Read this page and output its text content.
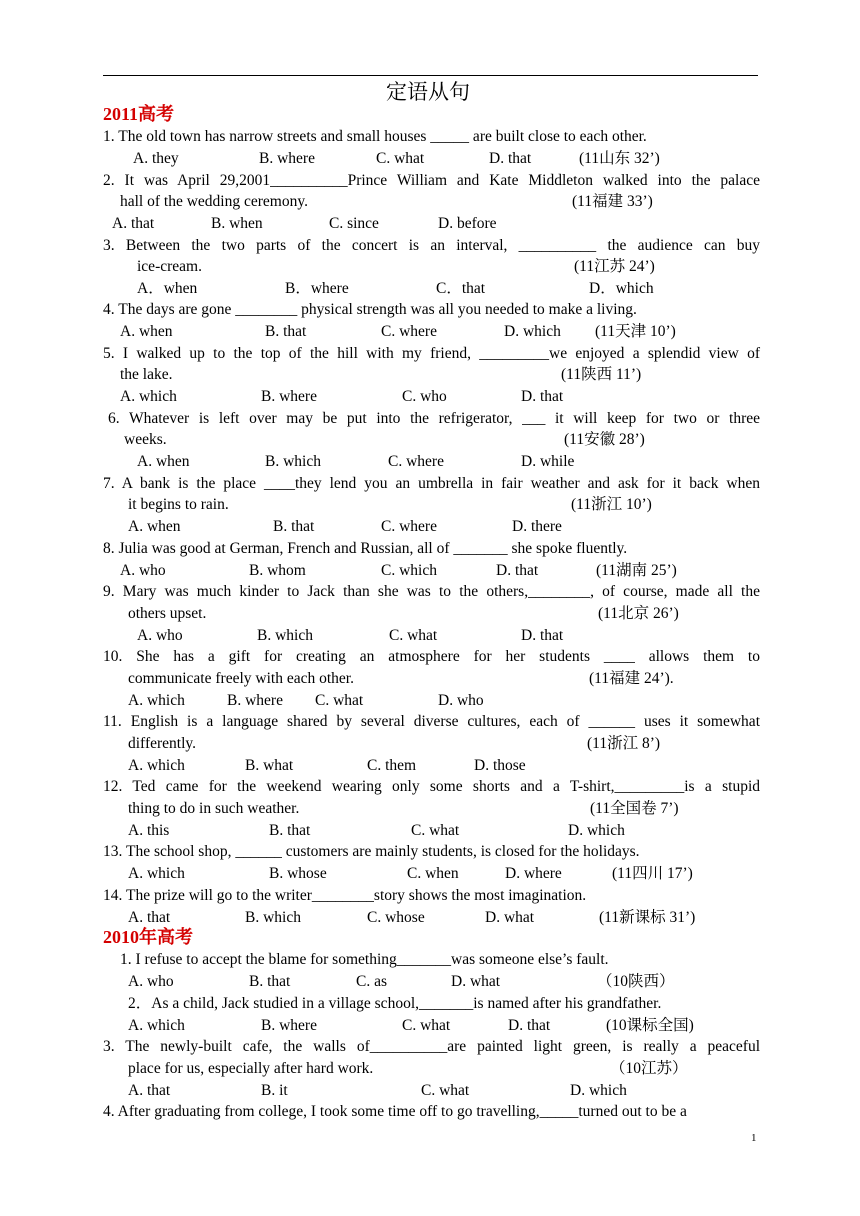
定语从句
1
2011高考
1. The old town has narrow streets and small houses _____ are built close to each other.
A. they	B. where	C. what	D. that	(11山东 32’)
2. It was April 29,2001__________Prince William and Kate Middleton walked into the palace
hall of the wedding ceremony.	(11福建 33’)
A. that	B. when	C. since	D. before
3. Between the two parts of the concert is an interval, __________ the audience can buy
ice-cream.	(11江苏 24’)
A．when	B．where	C．that	D．which
4. The days are gone ________ physical strength was all you needed to make a living.
A. when	B. that	C. where	D. which (11天津 10’)
5. I walked up to the top of the hill with my friend, _________we enjoyed a splendid view of
the lake.	(11陕西 11’)
A. which	B. where	C. who	D. that
6. Whatever is left over may be put into the refrigerator, ___ it will keep for two or three
weeks.	(11安徽 28’)
A. when	B. which	C. where	D. while
7. A bank is the place ____they lend you an umbrella in fair weather and ask for it back when
it begins to rain.	(11浙江 10’)
A. when	B. that	C. where	D. there
8. Julia was good at German, French and Russian, all of _______ she spoke fluently.
A. who	B. whom	C. which	D. that	(11湖南 25’)
9. Mary was much kinder to Jack than she was to the others,________, of course, made all the
others upset.	(11北京 26’)
A. who	B. which	C. what	D. that
10. She has a gift for creating an atmosphere for her students ____ allows them to
communicate freely with each other.	(11福建 24’).
A. which	B. where C. what	D. who
11. English is a language shared by several diverse cultures, each of ______ uses it somewhat
differently.	(11浙江 8’)
A. which	B. what	C. them	D. those
12. Ted came for the weekend wearing only some shorts and a T-shirt,_________is a stupid
thing to do in such weather.	(11全国卷 7’)
A. this	B. that	C. what	D. which
13. The school shop, ______ customers are mainly students, is closed for the holidays.
A. which	B. whose	C. when	D. where	(11四川 17’)
14. The prize will go to the writer________story shows the most imagination.
A. that	B. which	C. whose	D. what	(11新课标 31’)
2010年高考
1. I refuse to accept the blame for something_______was someone else’s fault.
A. who	B. that	C. as	D. what	（10陕西）
2．As a child, Jack studied in a village school,_______is named after his grandfather.
A. which	B. where	C. what	D. that	(10课标全国)
3. The newly-built cafe, the walls of__________are painted light green, is really a peaceful
place for us, especially after hard work.	（10江苏）
A. that	B. it	C. what	D. which
4. After graduating from college, I took some time off to go travelling,_____turned out to be a
